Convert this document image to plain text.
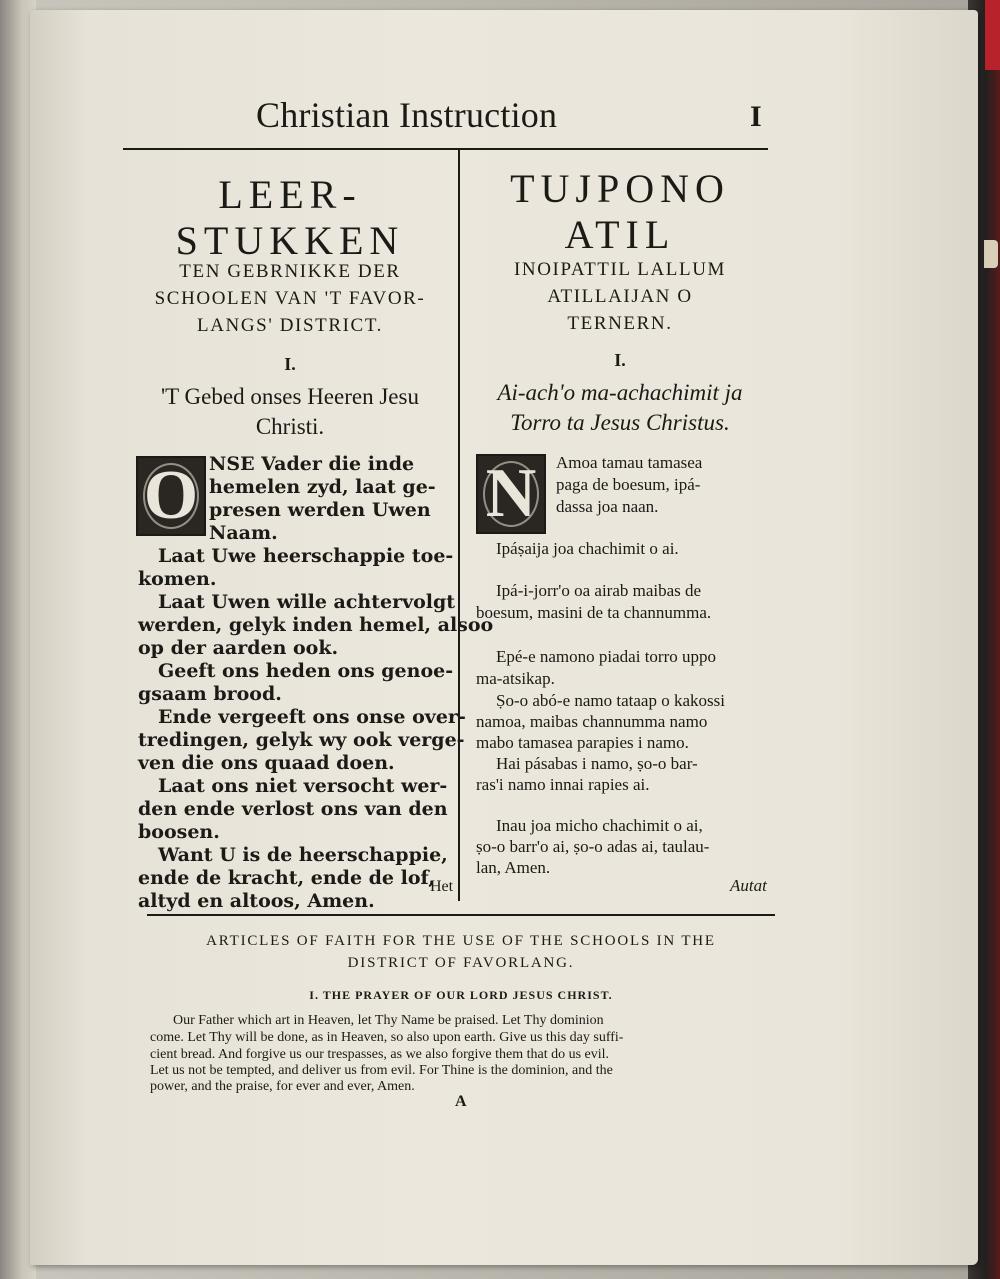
Christian Instruction	I
LEER-
STUKKEN
TEN GEBRNIKKE DER
SCHOOLEN VAN 'T FAVOR-
LANGS' DISTRICT.
I.
'T Gebed onses Heeren Jesu
Christi.
O NSE Vader die inde
hemelen zyd, laat ge-
presen werden Uwen
Naam.
Laat Uwe heerschappie toe-
komen.
Laat Uwen wille achtervolgt
werden, gelyk inden hemel, alsoo
op der aarden ook.
Geeft ons heden ons genoe-
gsaam brood.
Ende vergeeft ons onse over-
tredingen, gelyk wy ook verge-
ven die ons quaad doen.
Laat ons niet versocht wer-
den ende verlost ons van den
boosen.
Want U is de heerschappie,
ende de kracht, ende de lof,
altyd en altoos, Amen.
Het
TUJPONO
ATIL
INOIPATTIL LALLUM
ATILLAIJAN O
TERNERN.
I.
Ai-ach'o ma-achachimit ja
Torro ta Jesus Christus.
N	Amoa tamau tamasea
paga de boesum, ipá-
dassa joa naan.
Ipáṣaija joa chachimit o ai.
Ipá-i-jorr'o oa airab maibas de
boesum, masini de ta channumma.
Epé-e namono piadai torro uppo
ma-atsikap.
Ṣo-o abó-e namo tataap o kakossi
namoa, maibas channumma namo
mabo tamasea parapies i namo.
Hai pásabas i namo, ṣo-o bar-
ras'i namo innai rapies ai.
Inau joa micho chachimit o ai,
ṣo-o barr'o ai, ṣo-o adas ai, taulau-
lan, Amen.
Autat
ARTICLES OF FAITH FOR THE USE OF THE SCHOOLS IN THE
DISTRICT OF FAVORLANG.
I. THE PRAYER OF OUR LORD JESUS CHRIST.
Our Father which art in Heaven, let Thy Name be praised. Let Thy dominion
come. Let Thy will be done, as in Heaven, so also upon earth. Give us this day suffi-
cient bread. And forgive us our trespasses, as we also forgive them that do us evil.
Let us not be tempted, and deliver us from evil. For Thine is the dominion, and the
power, and the praise, for ever and ever, Amen.
A
